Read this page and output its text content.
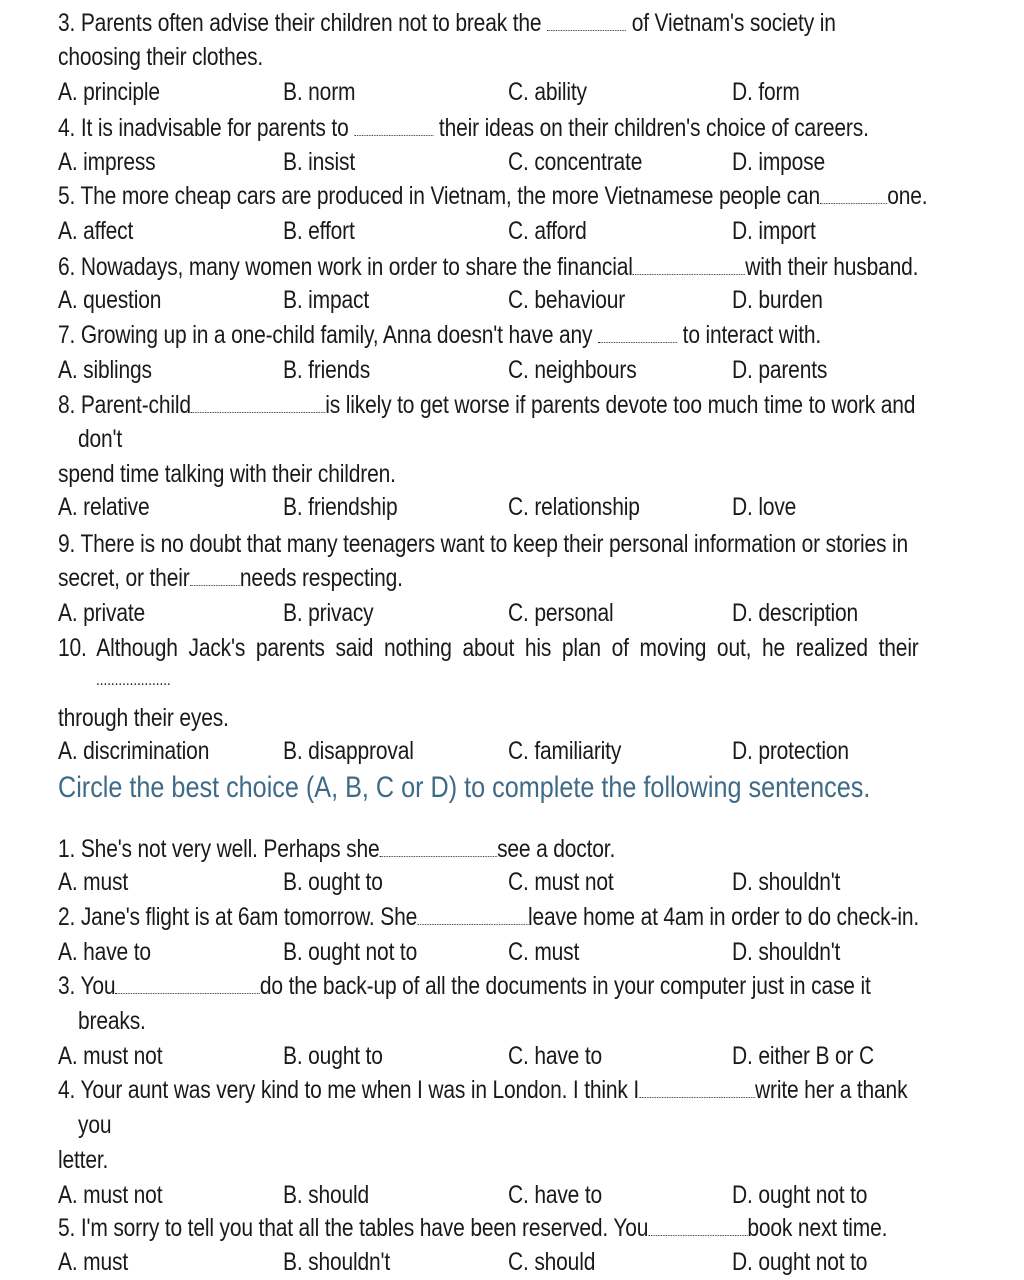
3. Parents often advise their children not to break the	of Vietnam's society in
choosing their clothes.
A. principle	B. norm	C. ability	D. form
4. It is inadvisable for parents to	their ideas on their children's choice of careers.
A. impress	B. insist	C. concentrate	D. impose
5. The more cheap cars are produced in Vietnam, the more Vietnamese people can	one.
A. affect	B. effort	C. afford	D. import
6. Nowadays, many women work in order to share the financial	with their husband.
A. question	B. impact	C. behaviour	D. burden
7. Growing up in a one-child family, Anna doesn't have any	to interact with.
A. siblings	B. friends	C. neighbours	D. parents
8. Parent-child	is likely to get worse if parents devote too much time to work and
don't
spend time talking with their children.
A. relative	B. friendship	C. relationship	D. love
9. There is no doubt that many teenagers want to keep their personal information or stories in
secret, or their needs respecting.
A. private	B. privacy	C. personal	D. description
10. Although Jack's parents said nothing about his plan of moving out, he realized their
....................
through their eyes.
A. discrimination	B. disapproval	C. familiarity	D. protection
Circle the best choice (A, B, C or D) to complete the following sentences.
1. She's not very well. Perhaps she	see a doctor.
A. must	B. ought to	C. must not	D. shouldn't
2. Jane's flight is at 6am tomorrow. She	leave home at 4am in order to do check-in.
A. have to	B. ought not to	C. must	D. shouldn't
3. You	do the back-up of all the documents in your computer just in case it
breaks.
A. must not	B. ought to	C. have to	D. either B or C
4. Your aunt was very kind to me when I was in London. I think I	write her a thank
you
letter.
A. must not	B. should	C. have to	D. ought not to
5. I'm sorry to tell you that all the tables have been reserved. You	book next time.
A. must	B. shouldn't	C. should	D. ought not to
